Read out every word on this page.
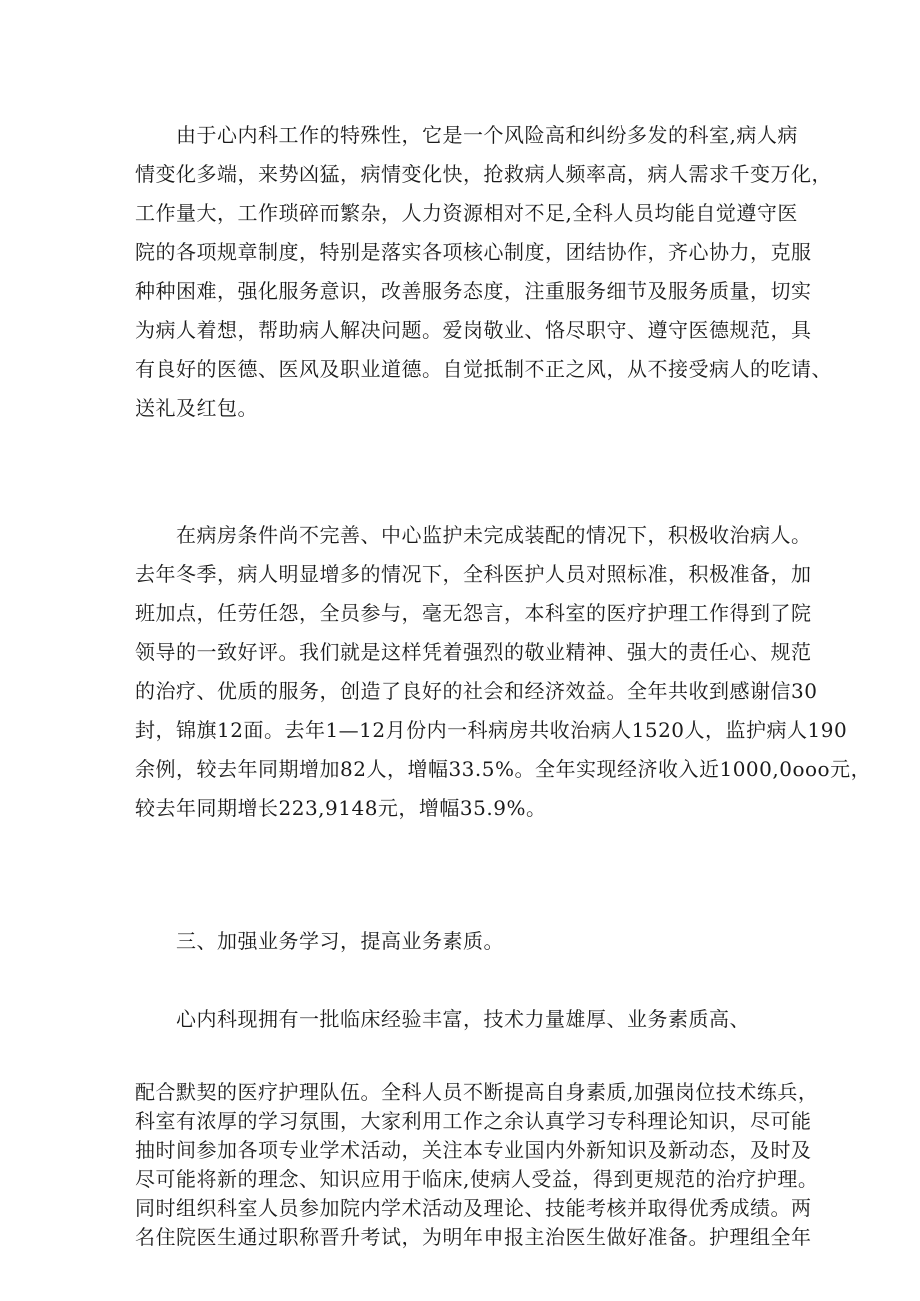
　　由于心内科工作的特殊性，它是一个风险高和纠纷多发的科室,病人病
情变化多端，来势凶猛，病情变化快，抢救病人频率高，病人需求千变万化，
工作量大，工作琐碎而繁杂，人力资源相对不足,全科人员均能自觉遵守医
院的各项规章制度，特别是落实各项核心制度，团结协作，齐心协力，克服
种种困难，强化服务意识，改善服务态度，注重服务细节及服务质量，切实
为病人着想，帮助病人解决问题。爱岗敬业、恪尽职守、遵守医德规范，具
有良好的医德、医风及职业道德。自觉抵制不正之风，从不接受病人的吃请、
送礼及红包。

　　在病房条件尚不完善、中心监护未完成装配的情况下，积极收治病人。
去年冬季，病人明显增多的情况下，全科医护人员对照标准，积极准备，加
班加点，任劳任怨，全员参与，毫无怨言，本科室的医疗护理工作得到了院
领导的一致好评。我们就是这样凭着强烈的敬业精神、强大的责任心、规范
的治疗、优质的服务，创造了良好的社会和经济效益。全年共收到感谢信30
封，锦旗12面。去年1—12月份内一科病房共收治病人1520人，监护病人190
余例，较去年同期增加82人，增幅33.5%。全年实现经济收入近1000,0ooo元，
较去年同期增长223,9148元，增幅35.9%。

　　三、加强业务学习，提高业务素质。

　　心内科现拥有一批临床经验丰富，技术力量雄厚、业务素质高、

配合默契的医疗护理队伍。全科人员不断提高自身素质,加强岗位技术练兵，
科室有浓厚的学习氛围，大家利用工作之余认真学习专科理论知识，尽可能
抽时间参加各项专业学术活动，关注本专业国内外新知识及新动态，及时及
尽可能将新的理念、知识应用于临床,使病人受益，得到更规范的治疗护理。
同时组织科室人员参加院内学术活动及理论、技能考核并取得优秀成绩。两
名住院医生通过职称晋升考试，为明年申报主治医生做好准备。护理组全年
